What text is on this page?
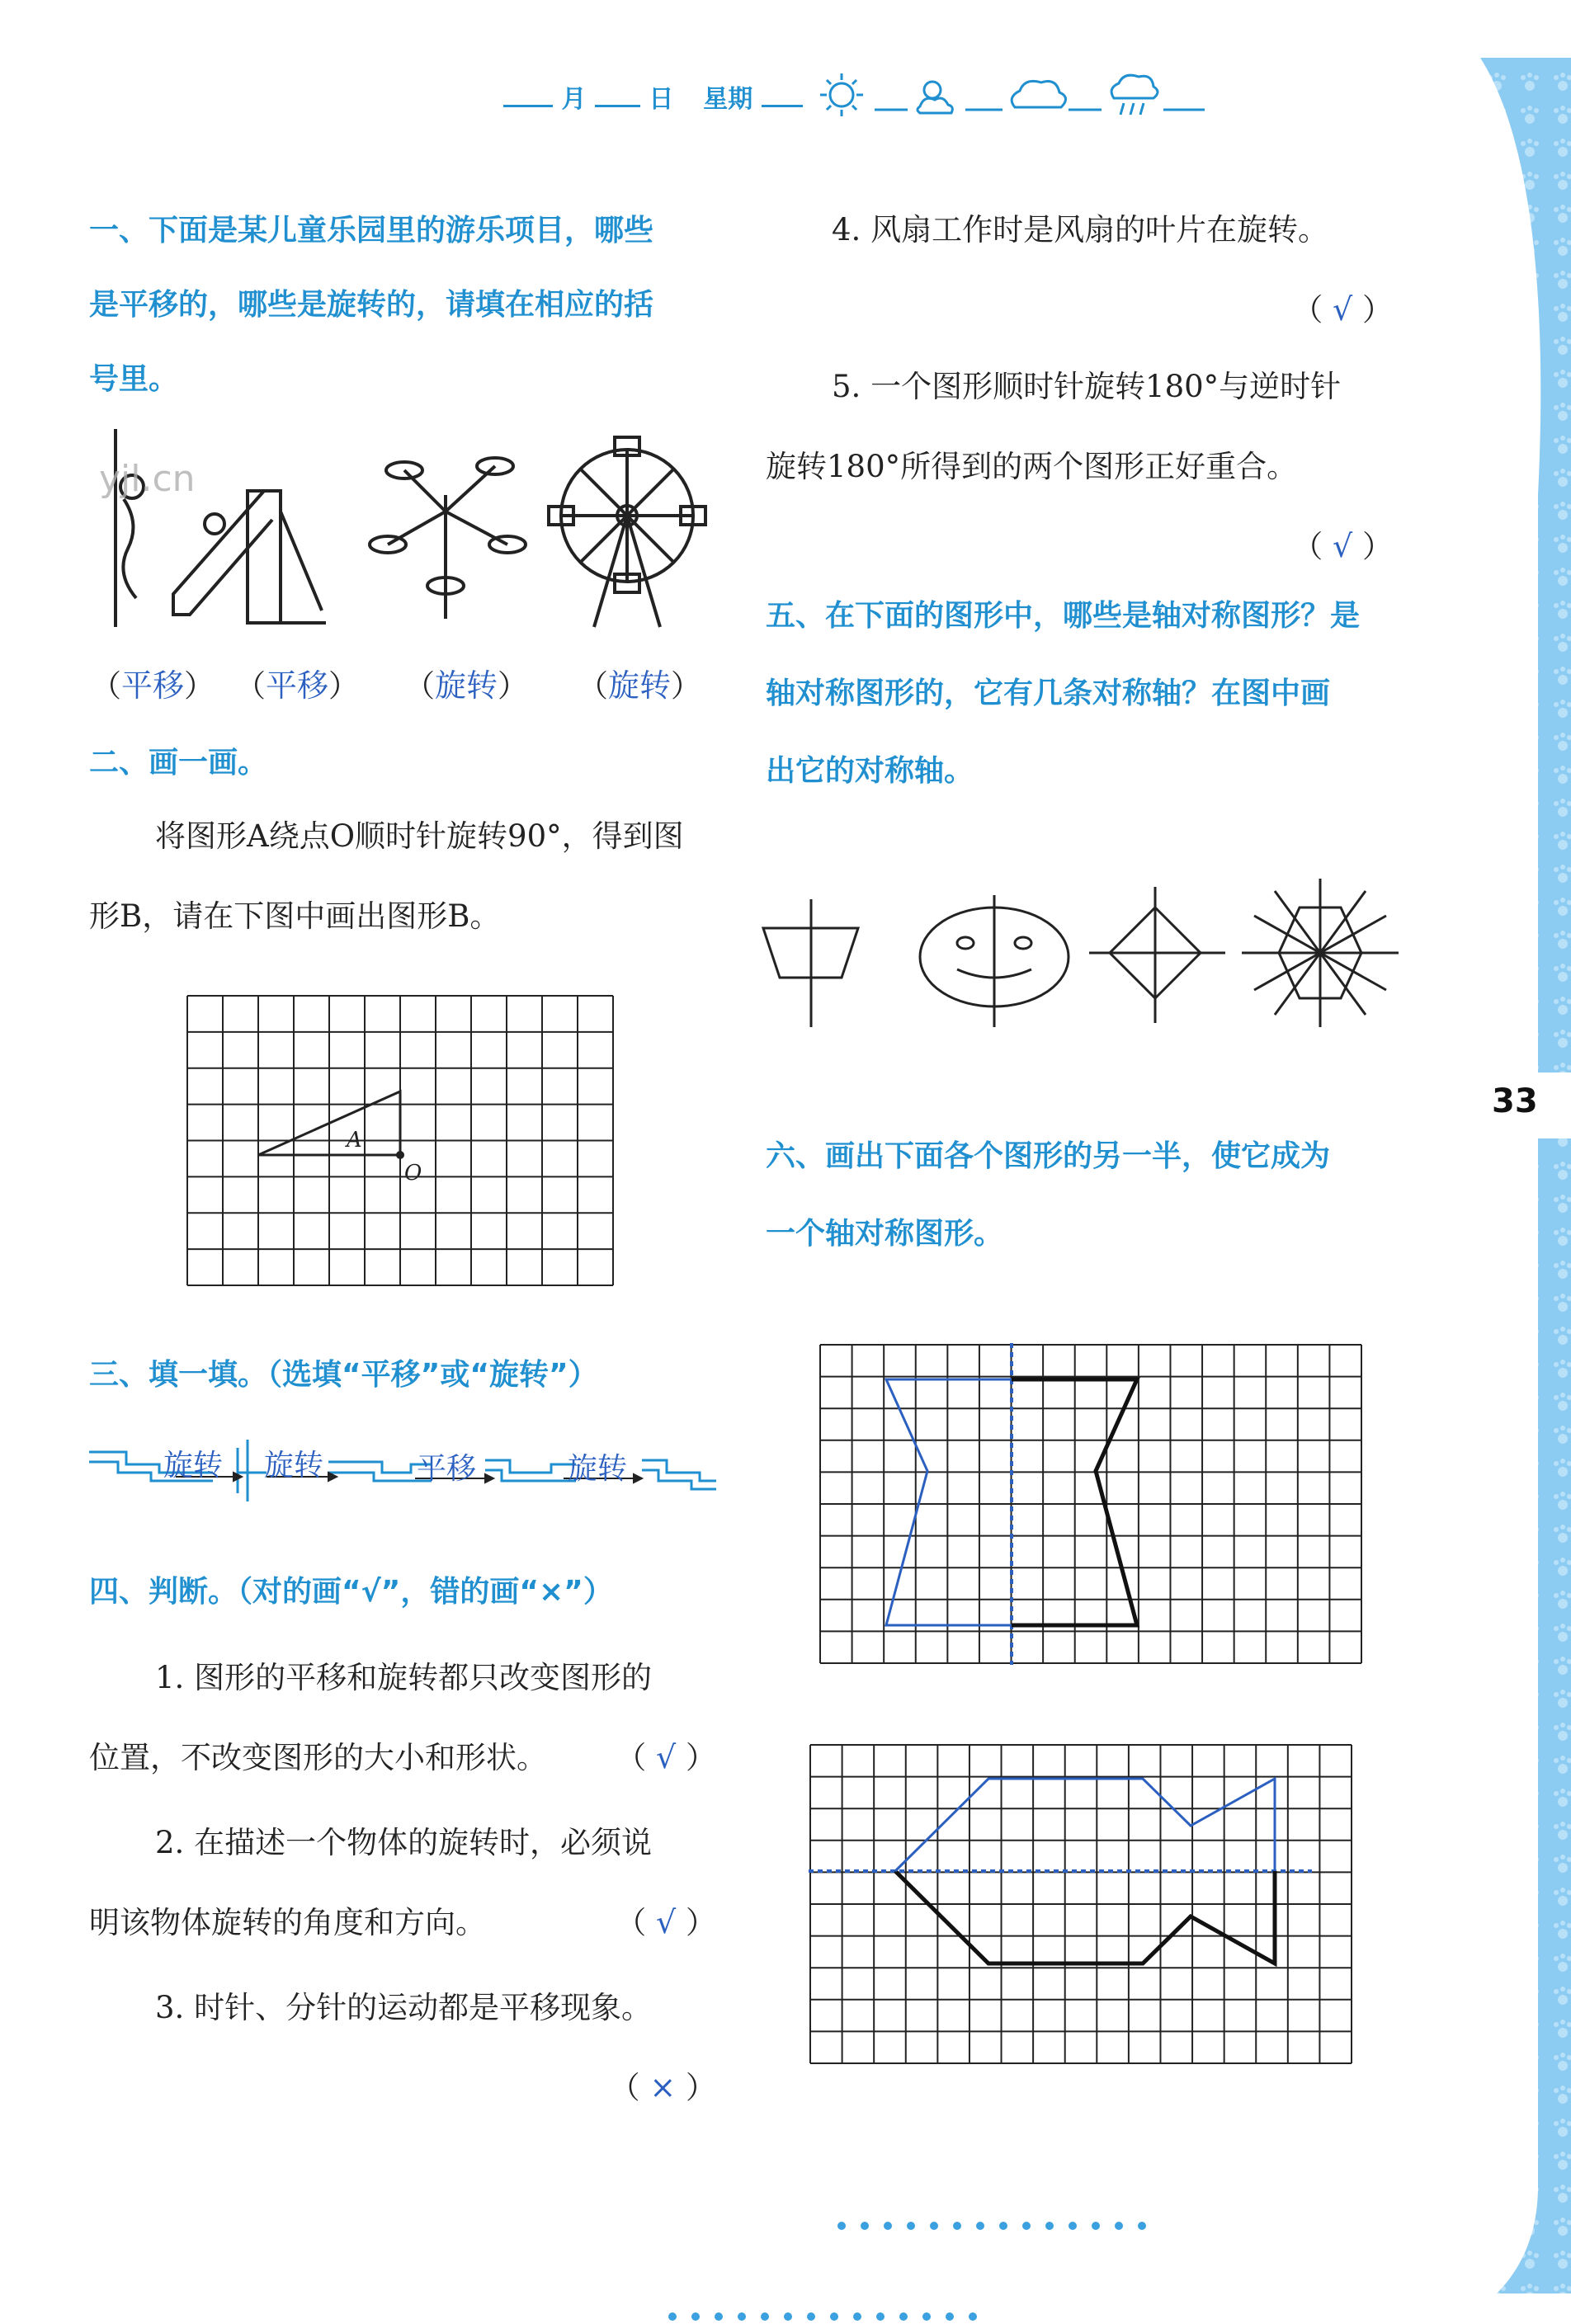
33
月	日 星期
一、下面是某儿童乐园里的游乐项目，哪些
是平移的，哪些是旋转的，请填在相应的括
号里。
yjl.cn
（平移） （平移） （旋转） （旋转）
二、画一画。
将图形A绕点O顺时针旋转90°，得到图
形B，请在下图中画出图形B。
A
O
三、填一填。（选填“平移”或“旋转”）
旋转 旋转	平移	旋转
四、判断。（对的画“√”，错的画“×”）
1. 图形的平移和旋转都只改变图形的
位置，不改变图形的大小和形状。 （ √ ）
2. 在描述一个物体的旋转时，必须说
明该物体旋转的角度和方向。	（ √ ）
3. 时针、分针的运动都是平移现象。
（ × ）
4. 风扇工作时是风扇的叶片在旋转。
（ √ ）
5. 一个图形顺时针旋转180°与逆时针
旋转180°所得到的两个图形正好重合。
（ √ ）
五、在下面的图形中，哪些是轴对称图形？是
轴对称图形的，它有几条对称轴？在图中画
出它的对称轴。
六、画出下面各个图形的另一半，使它成为
一个轴对称图形。
